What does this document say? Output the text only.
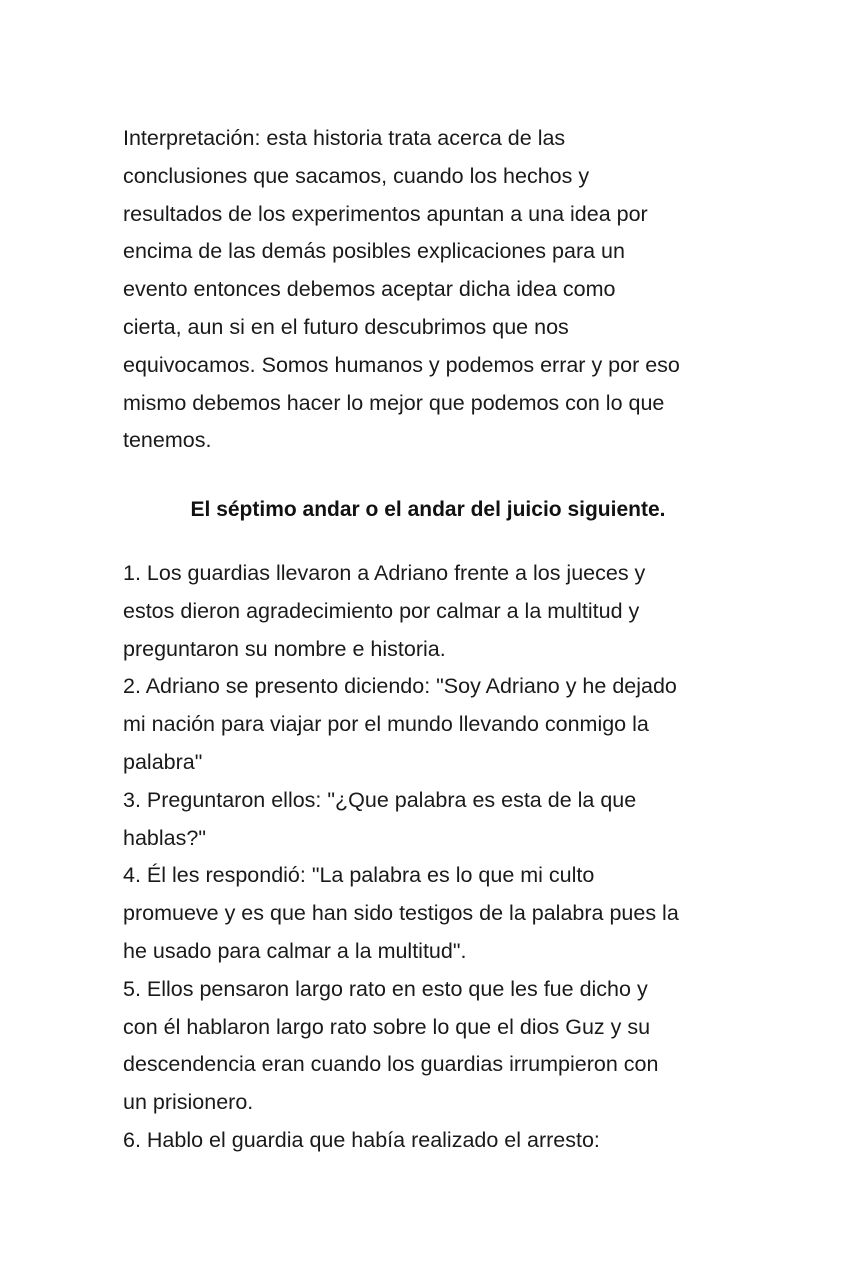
Interpretación: esta historia trata acerca de las
conclusiones que sacamos, cuando los hechos y
resultados de los experimentos apuntan a una idea por
encima de las demás posibles explicaciones para un
evento entonces debemos aceptar dicha idea como
cierta, aun si en el futuro descubrimos que nos
equivocamos. Somos humanos y podemos errar y por eso
mismo debemos hacer lo mejor que podemos con lo que
tenemos.
El séptimo andar o el andar del juicio siguiente.
1. Los guardias llevaron a Adriano frente a los jueces y
estos dieron agradecimiento por calmar a la multitud y
preguntaron su nombre e historia.
2. Adriano se presento diciendo: "Soy Adriano y he dejado
mi nación para viajar por el mundo llevando conmigo la
palabra"
3. Preguntaron ellos: "¿Que palabra es esta de la que
hablas?"
4. Él les respondió: "La palabra es lo que mi culto
promueve y es que han sido testigos de la palabra pues la
he usado para calmar a la multitud".
5. Ellos pensaron largo rato en esto que les fue dicho y
con él hablaron largo rato sobre lo que el dios Guz y su
descendencia eran cuando los guardias irrumpieron con
un prisionero.
6. Hablo el guardia que había realizado el arresto:
